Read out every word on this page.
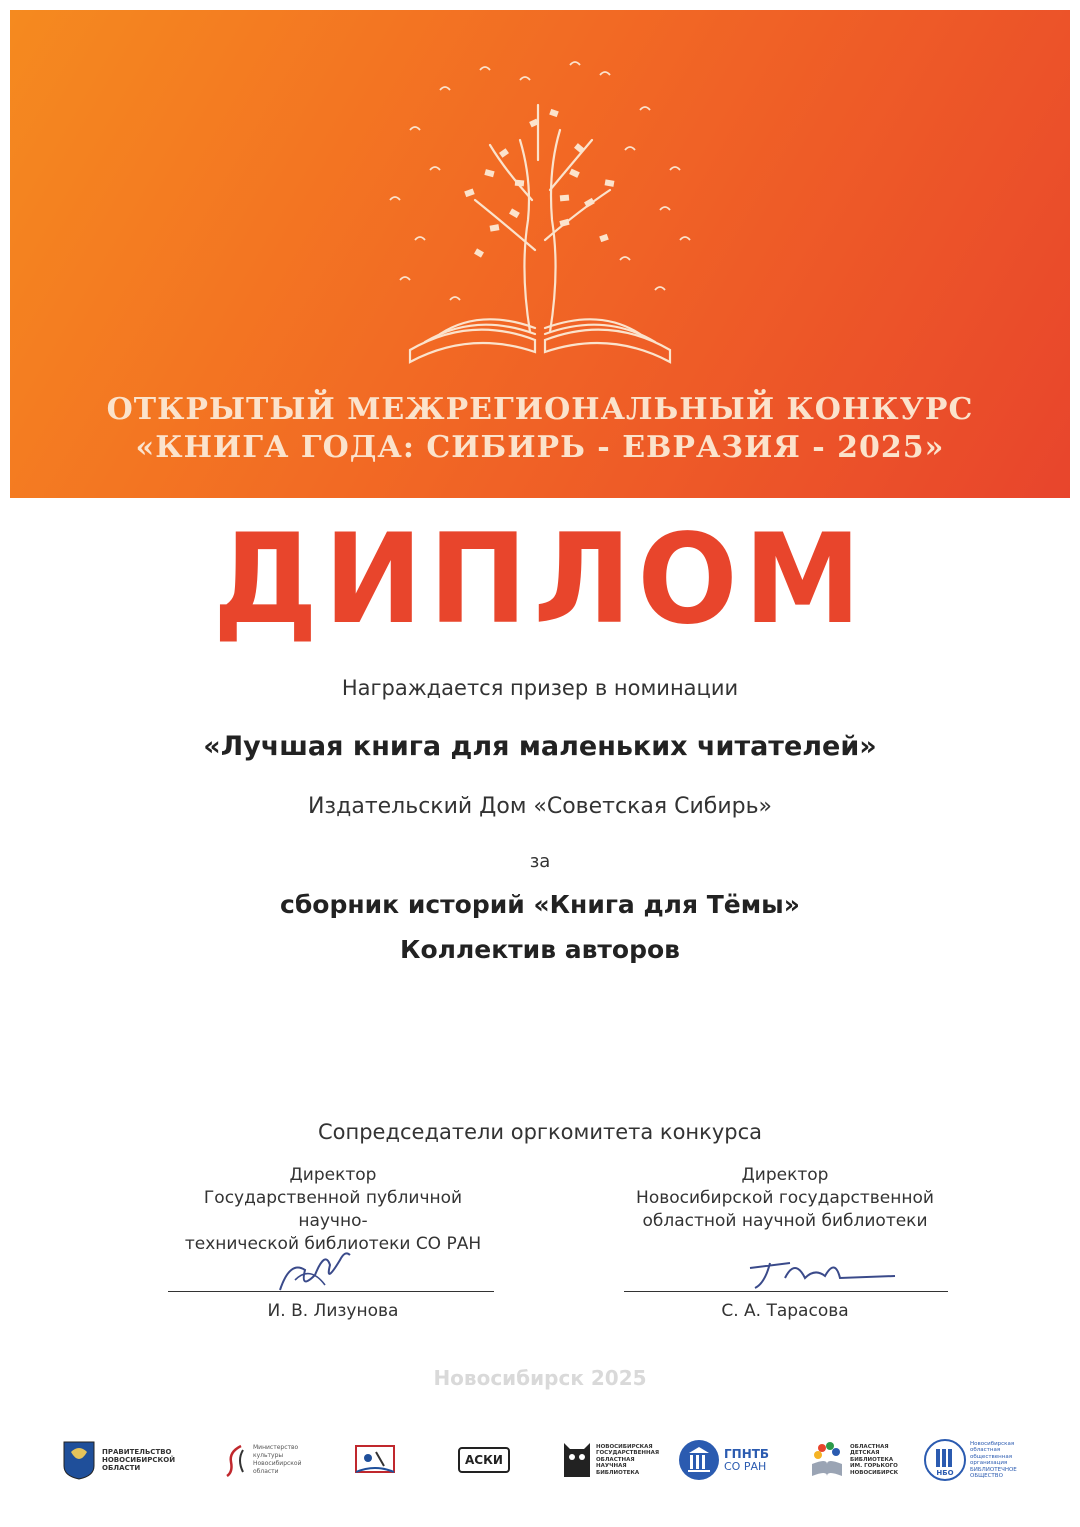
ОТКРЫТЫЙ МЕЖРЕГИОНАЛЬНЫЙ КОНКУРС
«КНИГА ГОДА: СИБИРЬ - ЕВРАЗИЯ - 2025»
ДИПЛОМ
Награждается призер в номинации
«Лучшая книга для маленьких читателей»
Издательский Дом «Советская Сибирь»
за
сборник историй «Книга для Тёмы»
Коллектив авторов
Сопредседатели оргкомитета конкурса
Директор
Государственной публичной научно-
технической библиотеки СО РАН
Директор
Новосибирской государственной
областной научной библиотеки
И. В. Лизунова	С. А. Тарасова
Новосибирск 2025
ПРАВИТЕЛЬСТВО
НОВОСИБИРСКОЙ
ОБЛАСТИ
Министерство
культуры
Новосибирской
области
АСКИ
НОВОСИБИРСКАЯ
ГОСУДАРСТВЕННАЯ
ОБЛАСТНАЯ
НАУЧНАЯ
БИБЛИОТЕКА
ГПНТБ
СО РАН
ОБЛАСТНАЯ
ДЕТСКАЯ
БИБЛИОТЕКА
ИМ. ГОРЬКОГО
НОВОСИБИРСК	НБО
Новосибирская
областная
общественная
организация
БИБЛИОТЕЧНОЕ
ОБЩЕСТВО
